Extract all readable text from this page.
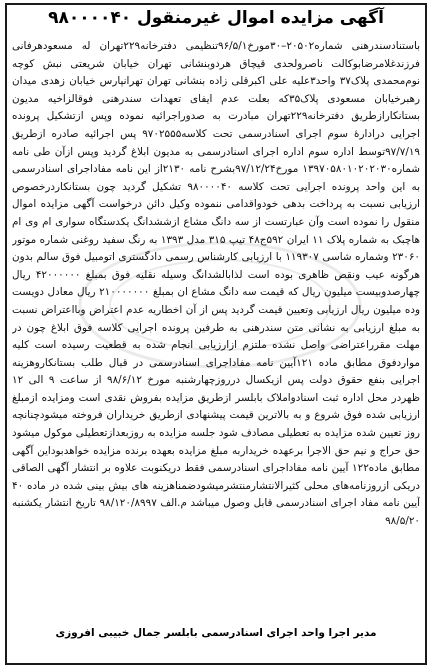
آگهی مزایده اموال غیرمنقول ۹۸۰۰۰۰۴۰
باستنادسندرهنی شماره۲۰۵۰۲–۳۰مورخ۹۶/۵/۱تنظیمی دفترخانه۲۲۹تهران له مسعودهرفانی فرزندغلامرضابوکالت ناصرولحدی قیچاق هردوبنشانی تهران خیابان شریعتی نبش کوچه نوم‌محمدی پلاک۳۷ واحد۳علیه علی اکبرقلی زاده بنشانی تهران تهرانپارس خیابان زهدی میدان رهبرخیابان مسعودی پلاک۳۵که بعلت عدم ایفای تعهدات سندرهنی فوقالزاخیه مدیون بستانکارازطریق دفترخانه۲۲۹تهران مبادرت به صدوراجرائیه نموده وپس ازتشکیل پرونده اجرایی درادارهٔ سوم اجرای اسنادرسمی تحت کلاسه۹۷۰۲۵۵۵ پس اجرائیه صادره ازطریق ۹۷/۷/۱۹توسط اداره سوم اداره اجرای اسنادرسمی به مدیون ابلاغ گردید وپس ازآن طی نامه شماره۱۳۹۷۰۵۸۰۱۰۲۰۲۰۳۰ مورخ۹۷/۱۲/۲۴بشرح نامه ۲۱۳۰از این نامه مفاداجرای اسنادرسمی به این واحد پرونده اجرایی تحت کلاسه ۹۸۰۰۰۰۴۰ تشکیل گردید چون بستانکاردرخصوص ارزیابی نسبت به پرداخت بدهی خودواقدامی ننموده وکیل دائن درخواست آگهی مزایده اموال منقول را نموده است وآن عبارتست از سه دانگ مشاع ازششدانگ یکدستگاه سواری ام وی ام هاچبک به شماره پلاک ۱۱ ایران ۵۹۲ج۴۸ تیپ ۳۱۵ مدل ۱۳۹۳ به رنگ سفید روغنی شماره موتور ۲۳۰۶۰ وشماره شاسی ۱۱۹۳۰۷ با ارزیابی کارشناس رسمی دادگستری اتومبیل فوق سالم بدون هرگونه عیب ونقص ظاهری بوده است لذابالشدانگ وسیله نقلیه فوق بمبلغ ۴۲۰۰۰۰۰۰ ریال چهارصدوبیست میلیون ریال که قیمت سه دانگ مشاع ان بمبلغ ۲۱۰۰۰۰۰۰۰ ریال معادل دویست وده میلیون ریال ارزیابی وتعیین قیمت گردید پس از آن اخطاریه عدم اعتراض وبااعتراض نسبت به مبلغ ارزیابی به نشانی متن سندرهنی به طرفین پرونده اجرایی کلاسه فوق ابلاغ چون در مهلت مقرراعتراضی واصل نشده ملتزم ازارزیابی انجام شده به قطعیت رسیده است کلیه مواردفوق مطابق ماده ۱۲۱آیین نامه مفاداجرای اسنادرسمی در قبال طلب بستانکاروهزینه اجرایی بنفع حقوق دولت پس ازیکسال درروزچهارشنبه مورخ ۹۸/۶/۱۲ از ساعت ۹ الی ۱۲ ظهردر محل اداره ثبت اسنادواملاک بابلسر ازطریق مزایده بفروش نقدی است ومزایده ازمبلغ ارزیابی شده فوق شروع و به بالاترین قیمت پیشنهادی ازطریق خریداران فروخته میشودچنانچه روز تعیین شده مزایده به تعطیلی مصادف شود جلسه مزایده به روزبعدازتعطیلی موکول میشود حق حراج و نیم حق الاجرا برعهده خریداربه مبلغ مزایده بعهده برنده مزایده خواهدبوداین آگهی مطابق ماده۱۲۲ آیین نامه مفاداجرای اسنادرسمی فقط دریکنوبت علاوه بر انتشار آگهی الصاقی دریکی ازروزنامه‌های محلی کثیرالانتشارمنتشرمیشودضمناهزینه های بیش بینی شده در ماده ۴۰ آیین نامه مفاد اجرای اسنادرسمی قابل وصول میباشد م.الف ۹۸/۱۲۰/۸۹۹۷ تاریخ انتشار یکشنبه ۹۸/۵/۲۰
مدیر اجرا واحد اجرای اسنادرسمی بابلسر جمال خبیبی افروزی
